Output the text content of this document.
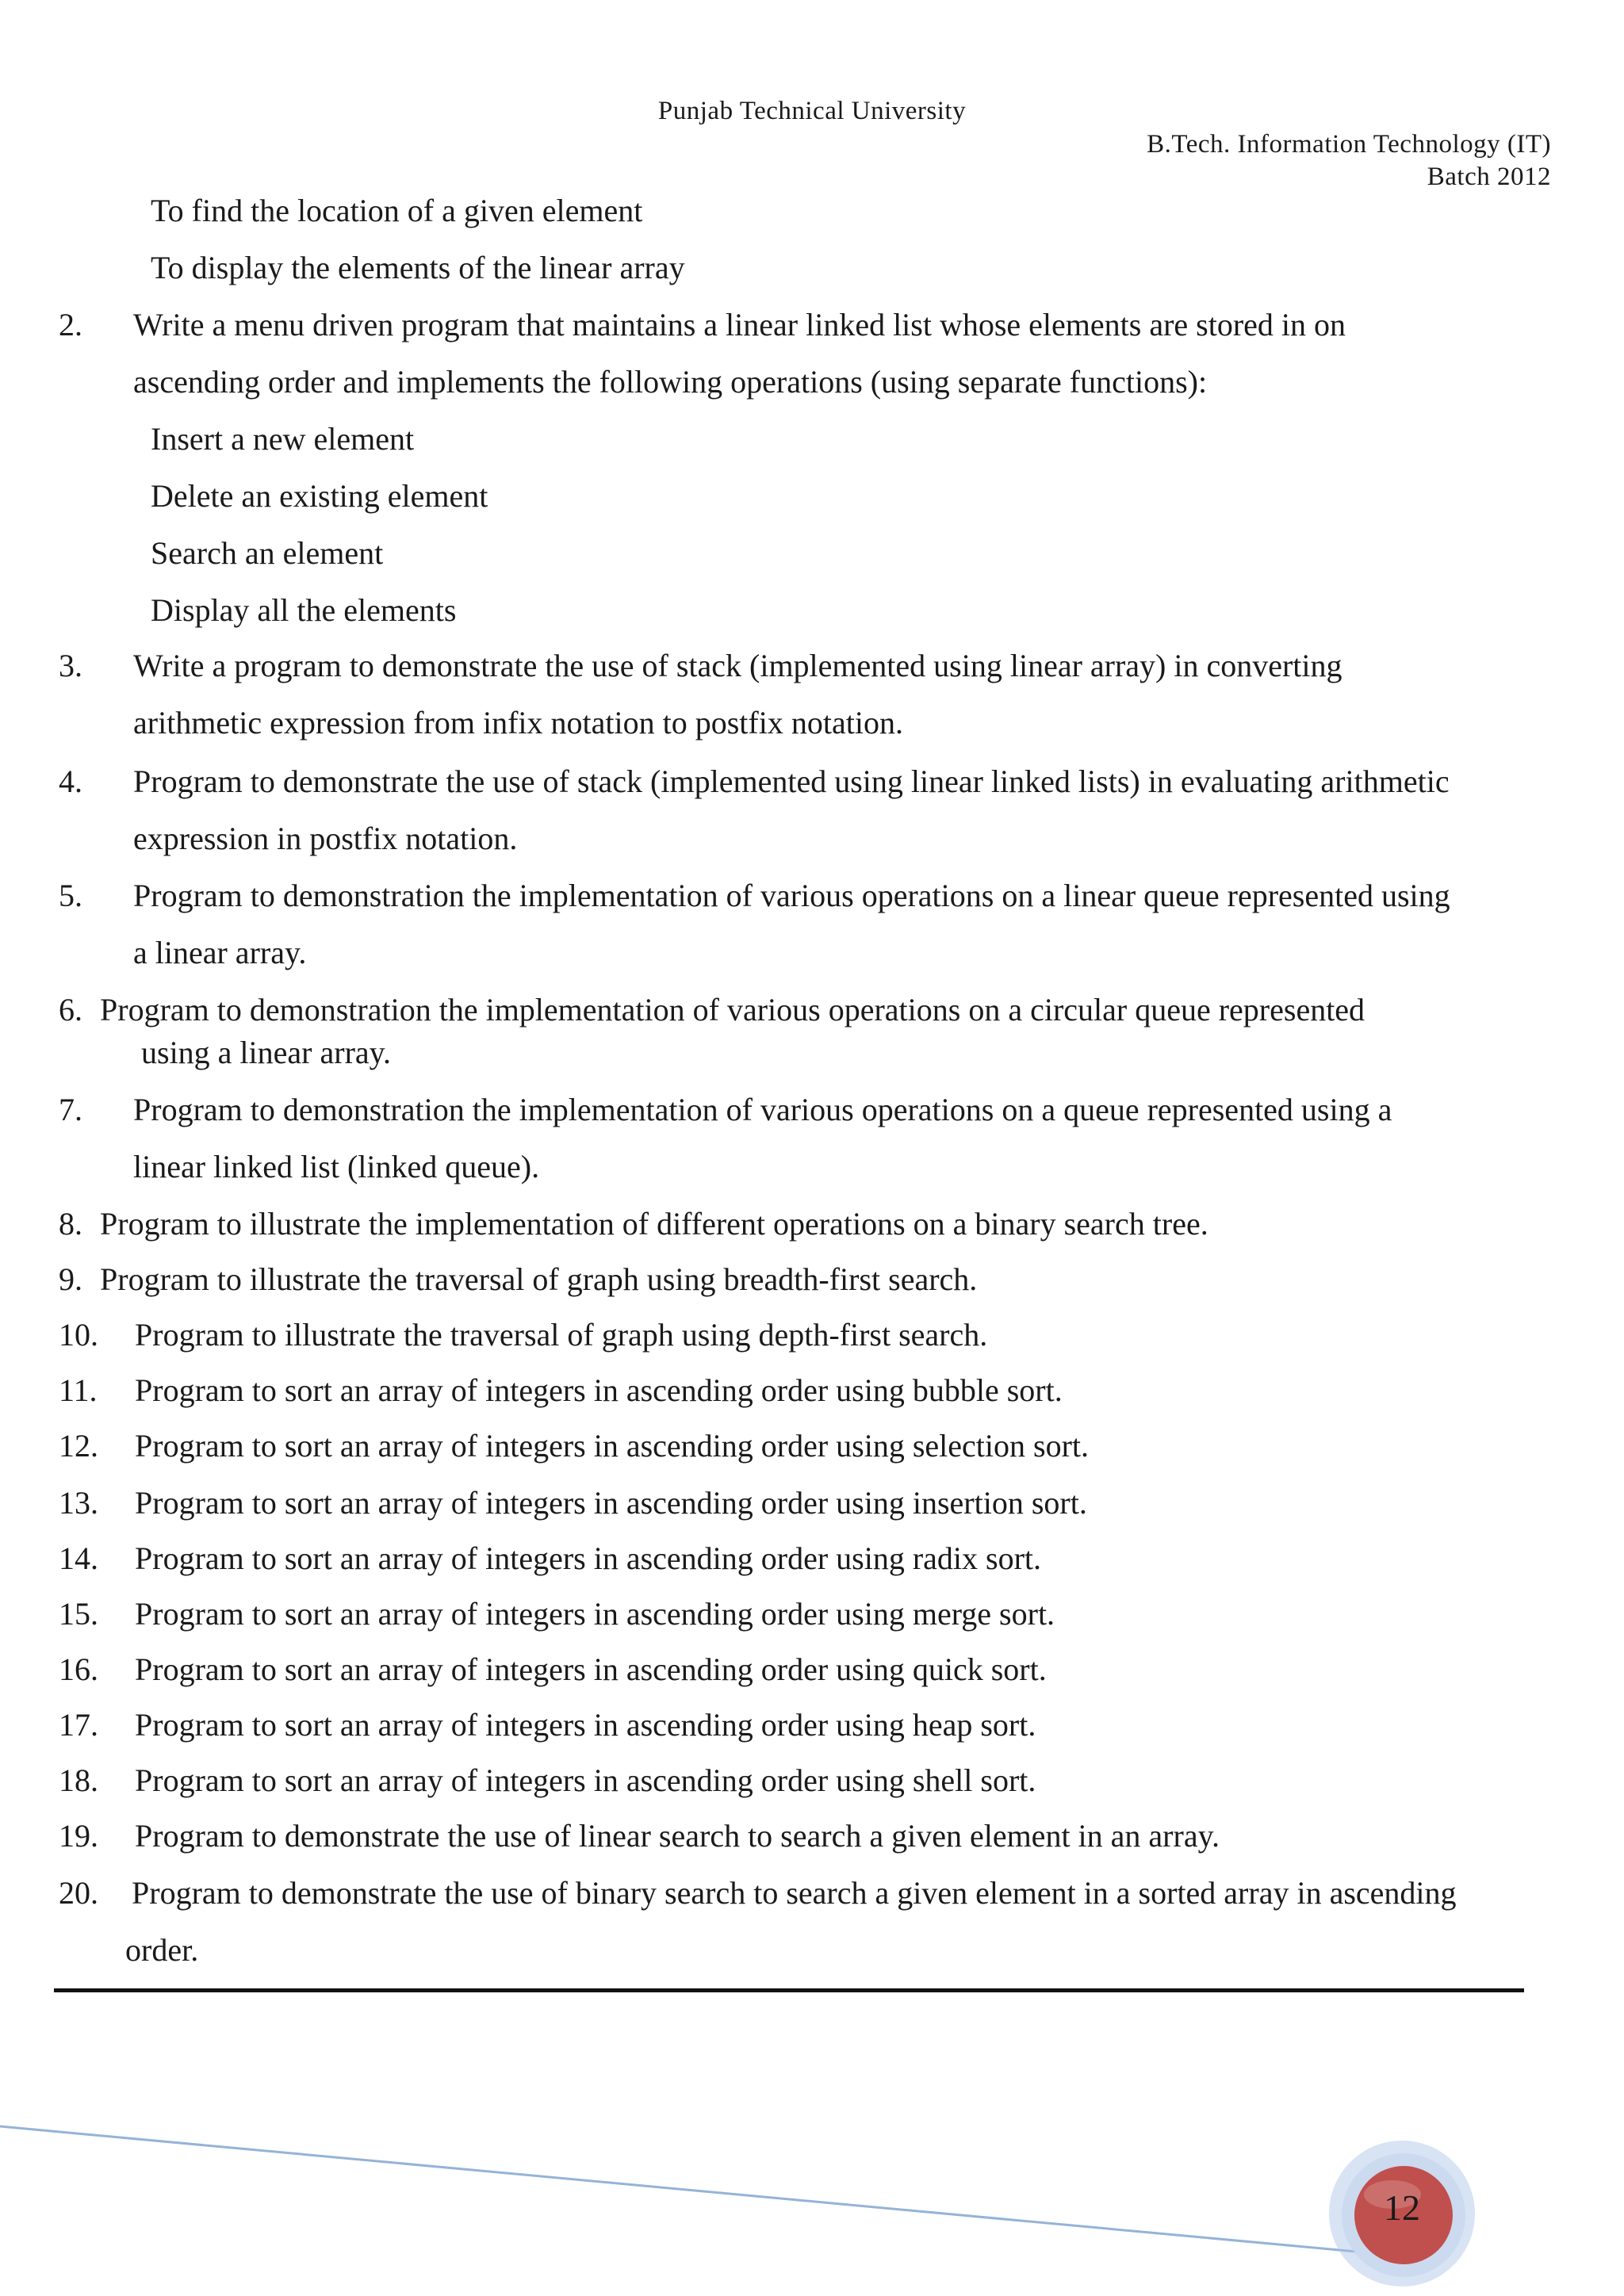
Punjab Technical University
B.Tech. Information Technology (IT)
Batch 2012
To find the location of a given element
To display the elements of the linear array
2. Write a menu driven program that maintains a linear linked list whose elements are stored in on
ascending order and implements the following operations (using separate functions):
Insert a new element
Delete an existing element
Search an element
Display all the elements
3. Write a program to demonstrate the use of stack (implemented using linear array) in converting
arithmetic expression from infix notation to postfix notation.
4. Program to demonstrate the use of stack (implemented using linear linked lists) in evaluating arithmetic
expression in postfix notation.
5. Program to demonstration the implementation of various operations on a linear queue represented using
a linear array.
6. Program to demonstration the implementation of various operations on a circular queue represented
using a linear array.
7. Program to demonstration the implementation of various operations on a queue represented using a
linear linked list (linked queue).
8. Program to illustrate the implementation of different operations on a binary search tree.
9. Program to illustrate the traversal of graph using breadth-first search.
10. Program to illustrate the traversal of graph using depth-first search.
11. Program to sort an array of integers in ascending order using bubble sort.
12. Program to sort an array of integers in ascending order using selection sort.
13. Program to sort an array of integers in ascending order using insertion sort.
14. Program to sort an array of integers in ascending order using radix sort.
15. Program to sort an array of integers in ascending order using merge sort.
16. Program to sort an array of integers in ascending order using quick sort.
17. Program to sort an array of integers in ascending order using heap sort.
18. Program to sort an array of integers in ascending order using shell sort.
19. Program to demonstrate the use of linear search to search a given element in an array.
20. Program to demonstrate the use of binary search to search a given element in a sorted array in ascending
order.
12
